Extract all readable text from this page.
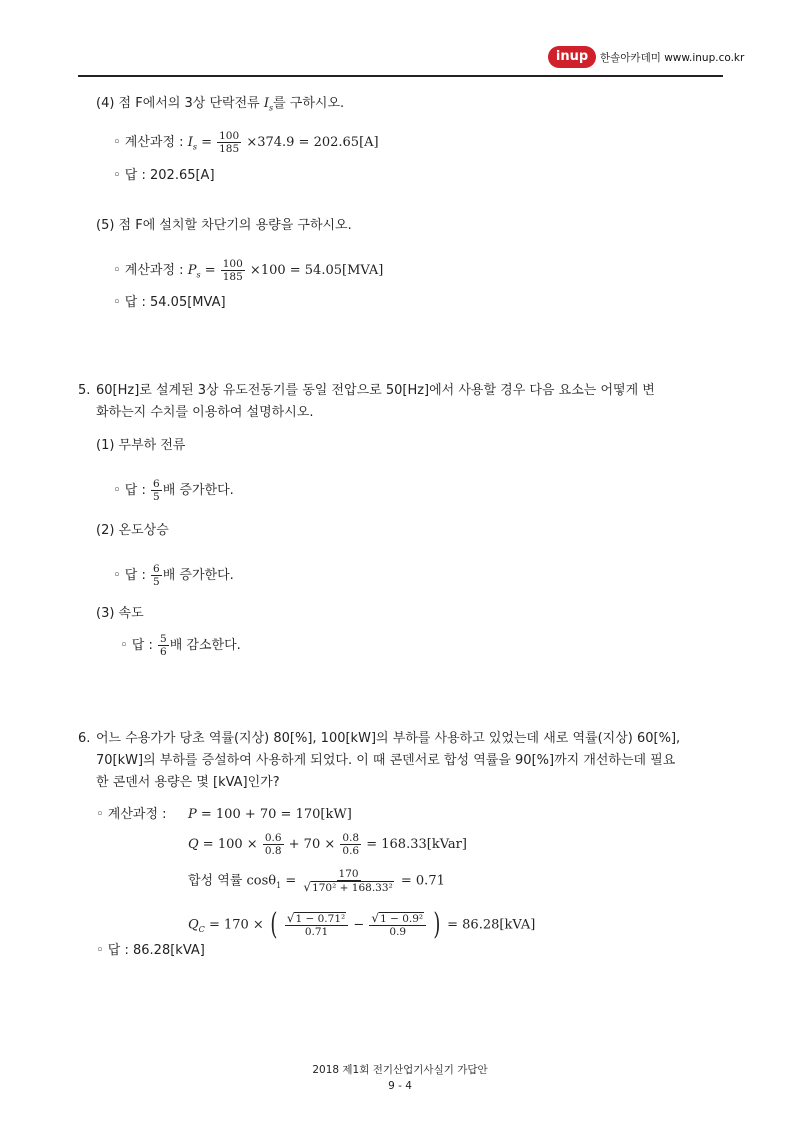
inup	한솔아카데미 www.inup.co.kr
(4) 점 F에서의 3상 단락전류 $I_s$를 구하시오.
◦ 계산과정 : $I_s = \frac{100}{185} \times 374.9 = 202.65[A]$
◦ 답 : 202.65[A]
(5) 점 F에 설치할 차단기의 용량을 구하시오.
◦ 계산과정 : $P_s = \frac{100}{185} \times 100 = 54.05[MVA]$
◦ 답 : 54.05[MVA]
5. 60[Hz]로 설계된 3상 유도전동기를 동일 전압으로 50[Hz]에서 사용할 경우 다음 요소는 어떻게 변
화하는지 수치를 이용하여 설명하시오.
(1) 무부하 전류
◦ 답 : $\frac{6}{5}$ 배 증가한다.
(2) 온도상승
◦ 답 : $\frac{6}{5}$ 배 증가한다.
(3) 속도
◦ 답 : $\frac{5}{6}$ 배 감소한다.
6. 어느 수용가가 당초 역률(지상) 80[%], 100[kW]의 부하를 사용하고 있었는데 새로 역률(지상) 60[%],
70[kW]의 부하를 증설하여 사용하게 되었다. 이 때 콘덴서로 합성 역률을 90[%]까지 개선하는데 필요
한 콘덴서 용량은 몇 [kVA]인가?
◦ 계산과정 : P = 100 + 70 = 170[kW]
$Q = 100 \times \frac{0.6}{0.8} + 70 \times \frac{0.8}{0.6}$ = 168.33[kVar]
합성 역률 $\cos\theta_1 = \frac{170}{\text{√170² + 168.33²}} = 0.71$
$Q_C = 170$ × ( $\frac{\text{√1 − 0.71²}}{0.71} - \frac{\text{√1 − 0.9²}}{0.9}$ ) = 86.28[kVA]
◦ 답 : 86.28[kVA]
2018 제1회 전기산업기사실기 가답안
9 - 4
